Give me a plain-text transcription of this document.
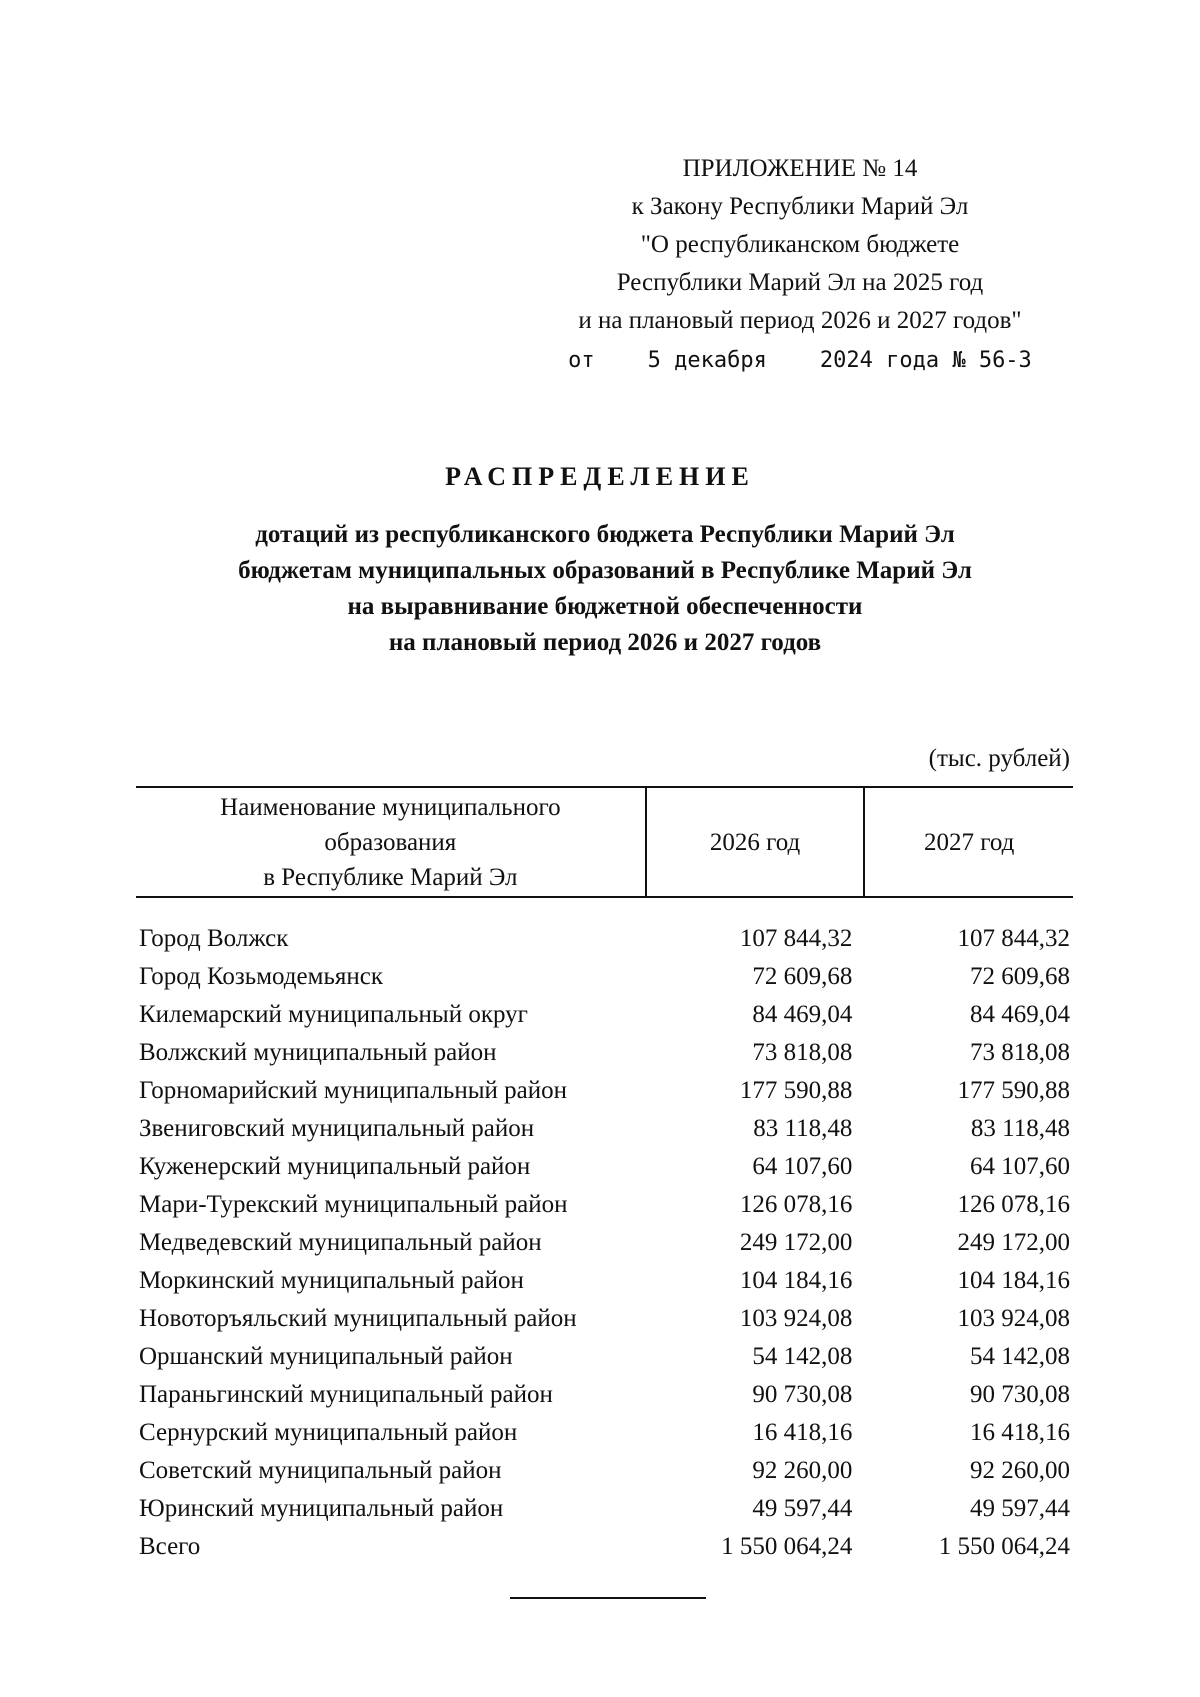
ПРИЛОЖЕНИЕ № 14
к Закону Республики Марий Эл
"О республиканском бюджете
Республики Марий Эл на 2025 год
и на плановый период 2026 и 2027 годов"
от 5 декабря 2024 года № 56-З
РАСПРЕДЕЛЕНИЕ
дотаций из республиканского бюджета Республики Марий Эл
бюджетам муниципальных образований в Республике Марий Эл
на выравнивание бюджетной обеспеченности
на плановый период 2026 и 2027 годов
(тыс. рублей)
Наименование муниципального
образования
в Республике Марий Эл	2026 год	2027 год

Город Волжск	107 844,32	107 844,32
Город Козьмодемьянск	72 609,68	72 609,68
Килемарский муниципальный округ	84 469,04	84 469,04
Волжский муниципальный район	73 818,08	73 818,08
Горномарийский муниципальный район	177 590,88	177 590,88
Звениговский муниципальный район	83 118,48	83 118,48
Куженерский муниципальный район	64 107,60	64 107,60
Мари-Турекский муниципальный район	126 078,16	126 078,16
Медведевский муниципальный район	249 172,00	249 172,00
Моркинский муниципальный район	104 184,16	104 184,16
Новоторъяльский муниципальный район	103 924,08	103 924,08
Оршанский муниципальный район	54 142,08	54 142,08
Параньгинский муниципальный район	90 730,08	90 730,08
Сернурский муниципальный район	16 418,16	16 418,16
Советский муниципальный район	92 260,00	92 260,00
Юринский муниципальный район	49 597,44	49 597,44
Всего	1 550 064,24	1 550 064,24
